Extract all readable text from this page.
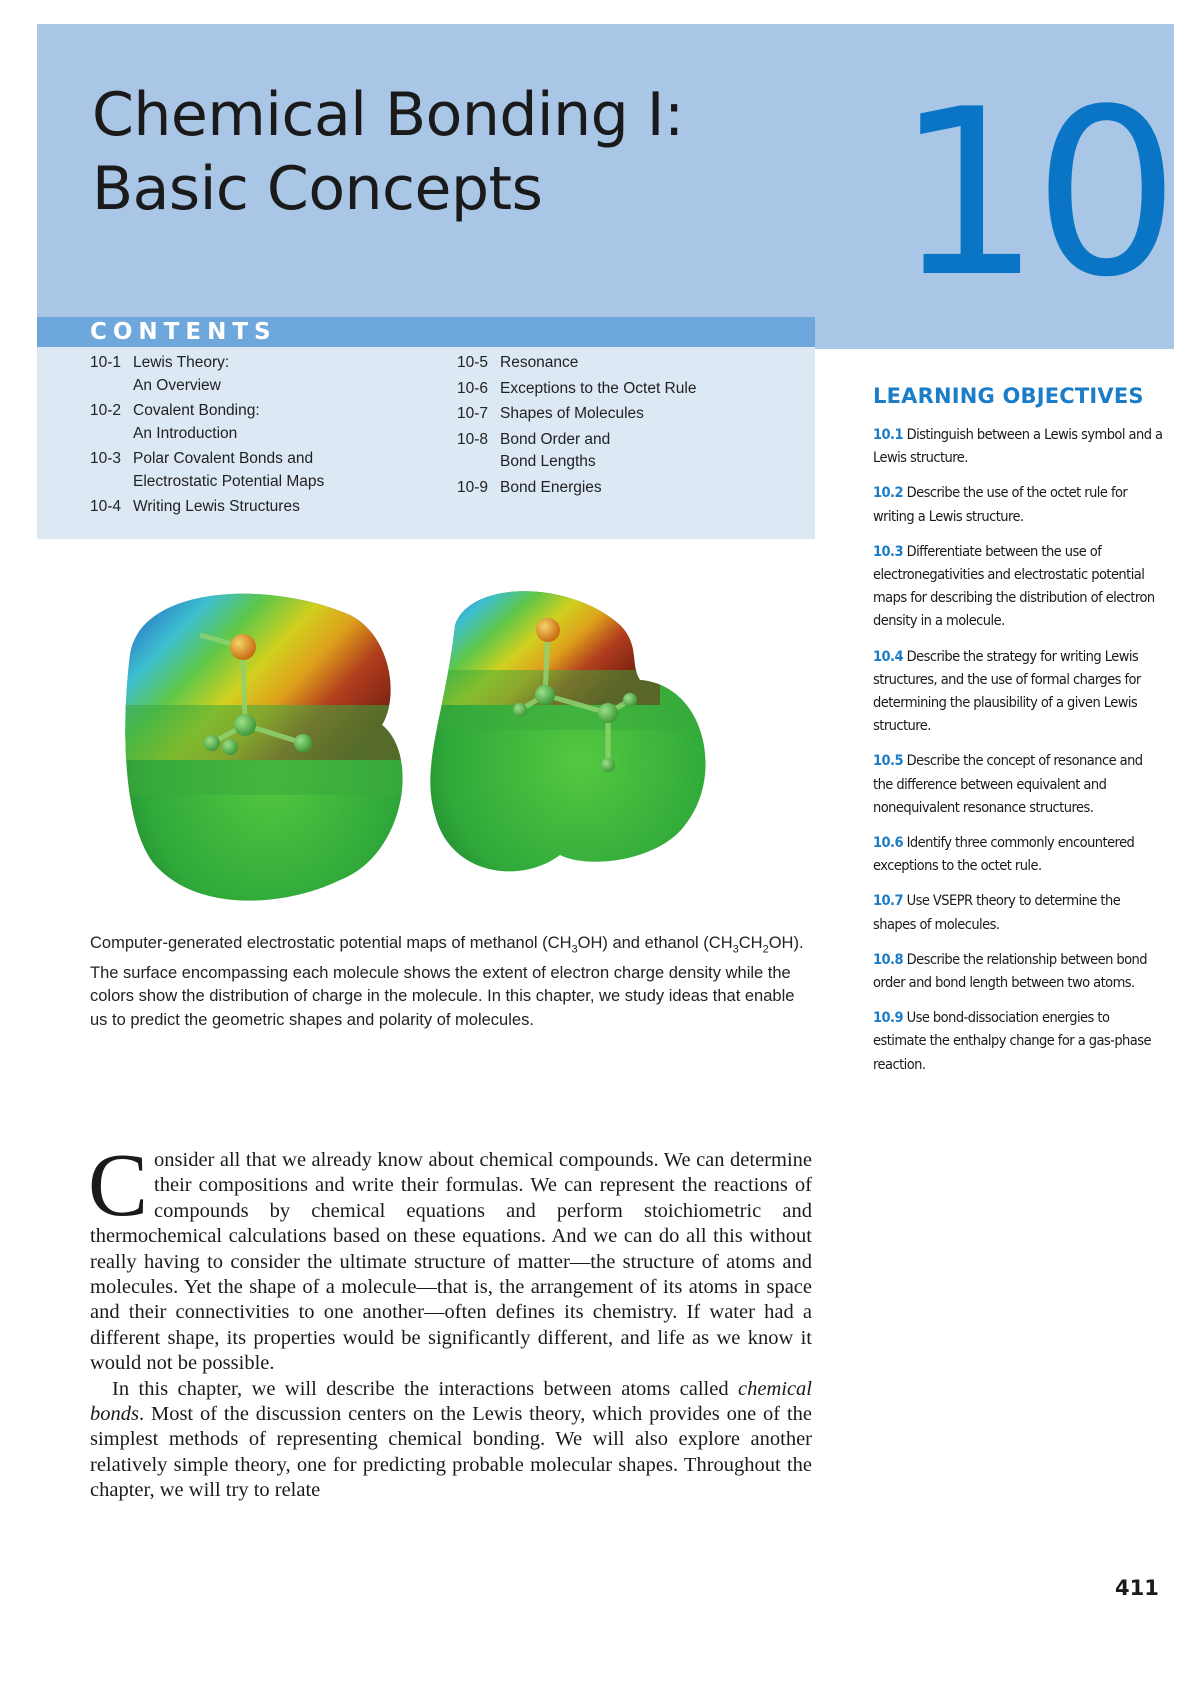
Chemical Bonding I:
Basic Concepts	10
CONTENTS
10-1 Lewis Theory:
An Overview
10-2 Covalent Bonding:
An Introduction
10-3 Polar Covalent Bonds and
Electrostatic Potential Maps
10-4 Writing Lewis Structures
10-5 Resonance
10-6 Exceptions to the Octet Rule
10-7 Shapes of Molecules
10-8 Bond Order and
Bond Lengths
10-9 Bond Energies
Computer-generated electrostatic potential maps of methanol $(CH_3OH)$ and ethanol $(CH_3CH_2OH)$. The surface encompassing each molecule shows the extent of electron charge density while the colors show the distribution of charge in the molecule. In this chapter, we study ideas that enable us to predict the geometric shapes and polarity of molecules.

Consider all that we already know about chemical compounds. We can determine their compositions and write their formulas. We can represent the reactions of compounds by chemical equations and perform stoichiometric and thermochemical calculations based on these equations. And we can do all this without really having to consider the ultimate structure of matter—the structure of atoms and molecules. Yet the shape of a molecule—that is, the arrangement of its atoms in space and their connectivities to one another—often defines its chemistry. If water had a different shape, its properties would be significantly different, and life as we know it would not be possible.

In this chapter, we will describe the interactions between atoms called chemical bonds. Most of the discussion centers on the Lewis theory, which provides one of the simplest methods of representing chemical bonding. We will also explore another relatively simple theory, one for predicting probable molecular shapes. Throughout the chapter, we will try to relate

LEARNING OBJECTIVES
10.1 Distinguish between a Lewis symbol and a Lewis structure.
10.2 Describe the use of the octet rule for writing a Lewis structure.
10.3 Differentiate between the use of electronegativities and electrostatic potential maps for describing the distribution of electron density in a molecule.
10.4 Describe the strategy for writing Lewis structures, and the use of formal charges for determining the plausibility of a given Lewis structure.
10.5 Describe the concept of resonance and the difference between equivalent and nonequivalent resonance structures.
10.6 Identify three commonly encountered exceptions to the octet rule.
10.7 Use VSEPR theory to determine the shapes of molecules.
10.8 Describe the relationship between bond order and bond length between two atoms.
10.9 Use bond-dissociation energies to estimate the enthalpy change for a gas-phase reaction.
411
